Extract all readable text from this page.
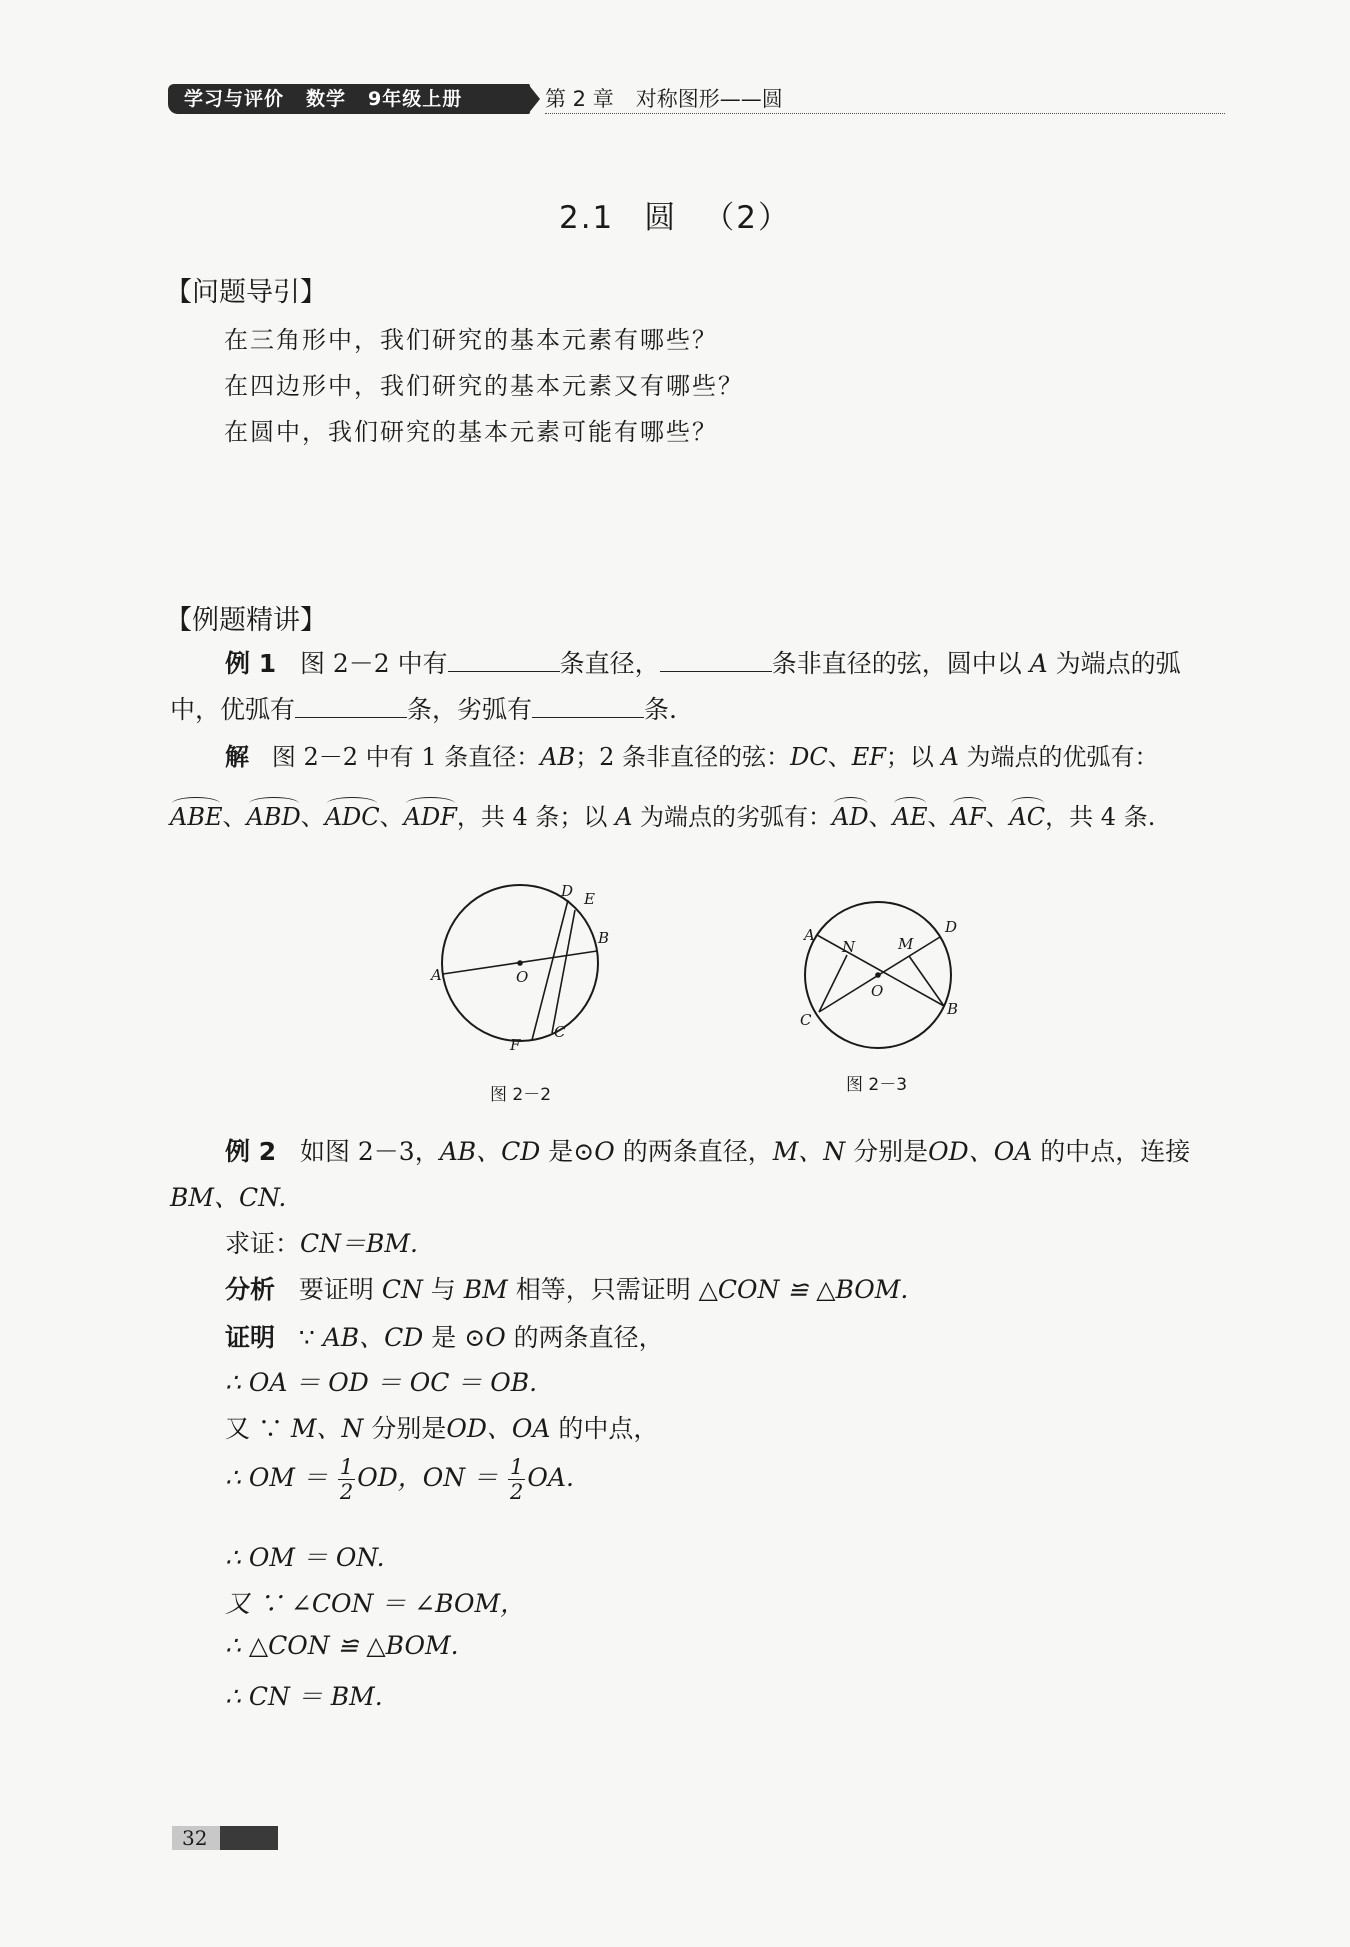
学习与评价 数学 9年级上册	第 2 章 对称图形——圆
2.1 圆 （2）
【问题导引】
在三角形中，我们研究的基本元素有哪些？
在四边形中，我们研究的基本元素又有哪些？
在圆中，我们研究的基本元素可能有哪些？
【例题精讲】
例 1 图 2－2 中有	条直径，	条非直径的弦，圆中以 A 为端点的弧
中，优弧有	条，劣弧有	条.
解 图 2－2 中有 1 条直径：AB；2 条非直径的弦：DC、EF；以 A 为端点的优弧有：
ABE、ABD、ADC、ADF，共 4 条；以 A 为端点的劣弧有：AD、AE、AF、AC，共 4 条.
D E
B
A	O
F
C
图 2－2
A
N	M
D
O
C
B
图 2－3
例 2 如图 2－3，AB、CD 是⊙O 的两条直径，M、N 分别是OD、OA 的中点，连接
BM、CN.
求证：CN＝BM.
分析 要证明 CN 与 BM 相等，只需证明 △CON ≌ △BOM.
证明 ∵ AB、CD 是 ⊙O 的两条直径，
∴ OA ＝ OD ＝ OC ＝ OB.
又 ∵ M、N 分别是OD、OA 的中点，
∴ OM ＝ $\frac{1}{2}$ OD，ON ＝ $\frac{1}{2}$ OA.
∴ OM ＝ ON.
又 ∵ ∠CON ＝ ∠BOM，
∴ △CON ≌ △BOM.
∴ CN ＝ BM.
32
